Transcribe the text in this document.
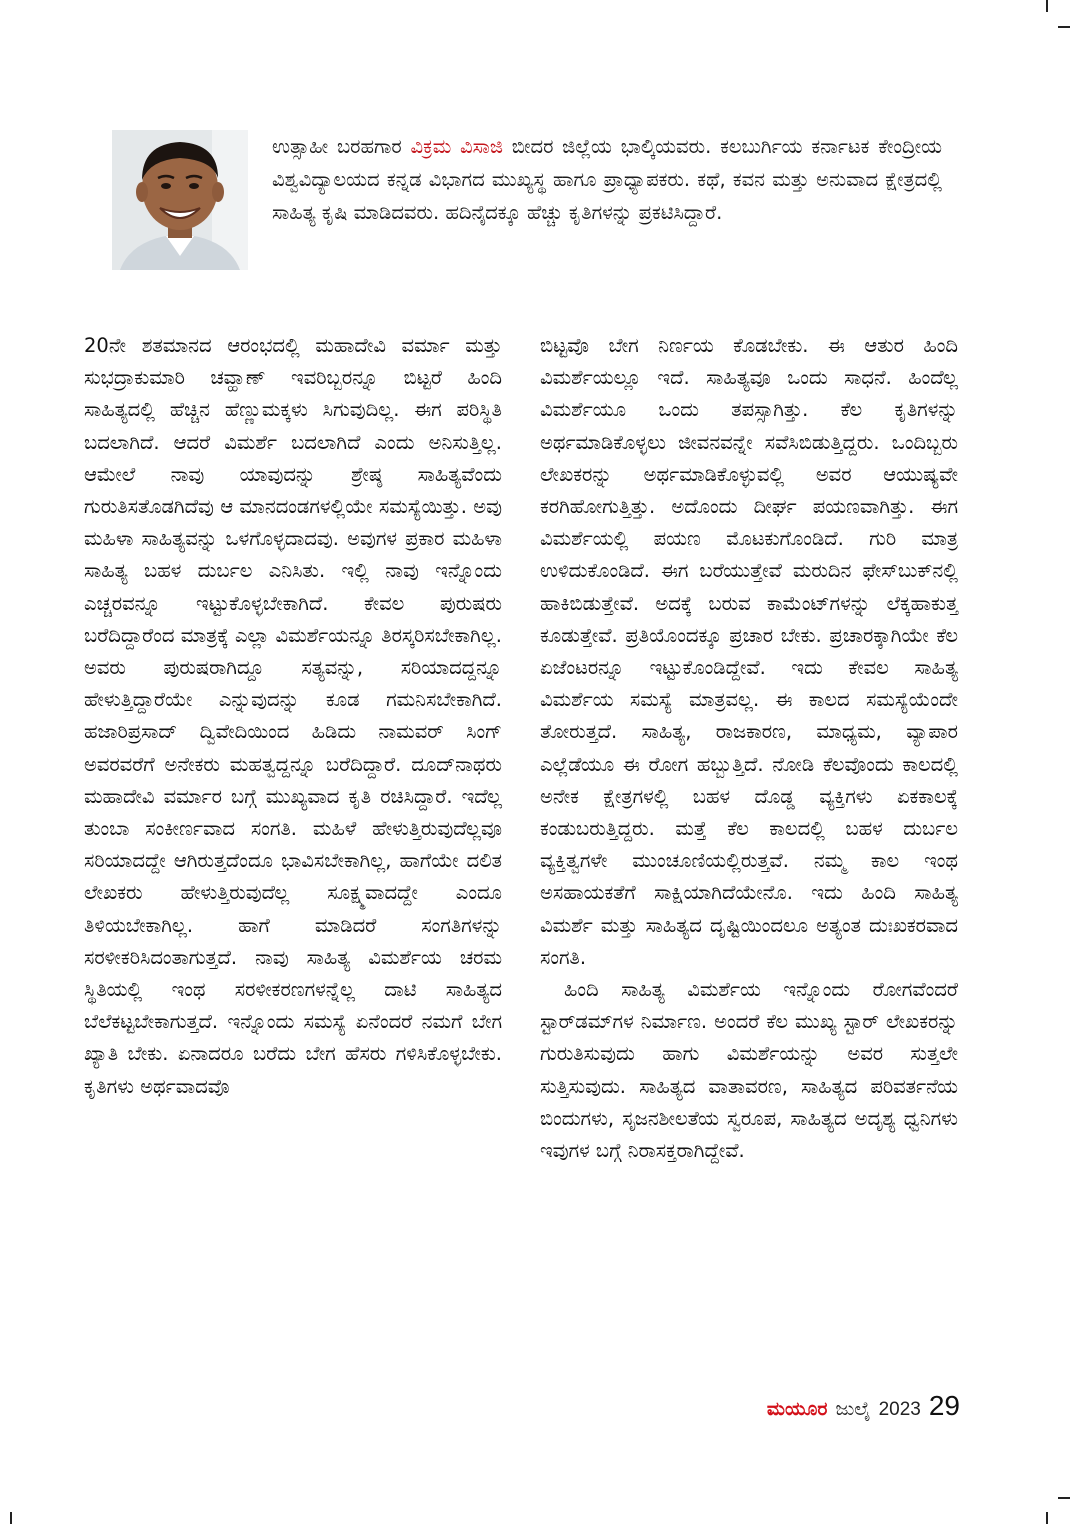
ಉತ್ಸಾಹೀ ಬರಹಗಾರ ವಿಕ್ರಮ ವಿಸಾಜಿ ಬೀದರ ಜಿಲ್ಲೆಯ ಭಾಲ್ಕಿಯವರು. ಕಲಬುರ್ಗಿಯ ಕರ್ನಾಟಕ ಕೇಂದ್ರೀಯ ವಿಶ್ವವಿದ್ಯಾಲಯದ ಕನ್ನಡ ವಿಭಾಗದ ಮುಖ್ಯಸ್ಥ ಹಾಗೂ ಪ್ರಾಧ್ಯಾಪಕರು. ಕಥೆ, ಕವನ ಮತ್ತು ಅನುವಾದ ಕ್ಷೇತ್ರದಲ್ಲಿ ಸಾಹಿತ್ಯ ಕೃಷಿ ಮಾಡಿದವರು. ಹದಿನೈದಕ್ಕೂ ಹೆಚ್ಚು ಕೃತಿಗಳನ್ನು ಪ್ರಕಟಿಸಿದ್ದಾರೆ.

20ನೇ ಶತಮಾನದ ಆರಂಭದಲ್ಲಿ ಮಹಾದೇವಿ ವರ್ಮಾ ಮತ್ತು ಸುಭದ್ರಾಕುಮಾರಿ ಚವ್ಹಾಣ್ ಇವರಿಬ್ಬರನ್ನೂ ಬಿಟ್ಟರೆ ಹಿಂದಿ ಸಾಹಿತ್ಯದಲ್ಲಿ ಹೆಚ್ಚಿನ ಹೆಣ್ಣುಮಕ್ಕಳು ಸಿಗುವುದಿಲ್ಲ. ಈಗ ಪರಿಸ್ಥಿತಿ ಬದಲಾಗಿದೆ. ಆದರೆ ವಿಮರ್ಶೆ ಬದಲಾಗಿದೆ ಎಂದು ಅನಿಸುತ್ತಿಲ್ಲ. ಆಮೇಲೆ ನಾವು ಯಾವುದನ್ನು ಶ್ರೇಷ್ಠ ಸಾಹಿತ್ಯವೆಂದು ಗುರುತಿಸತೊಡಗಿದೆವು ಆ ಮಾನದಂಡಗಳಲ್ಲಿಯೇ ಸಮಸ್ಯೆಯಿತ್ತು. ಅವು ಮಹಿಳಾ ಸಾಹಿತ್ಯವನ್ನು ಒಳಗೊಳ್ಳದಾದವು. ಅವುಗಳ ಪ್ರಕಾರ ಮಹಿಳಾ ಸಾಹಿತ್ಯ ಬಹಳ ದುರ್ಬಲ ಎನಿಸಿತು. ಇಲ್ಲಿ ನಾವು ಇನ್ನೊಂದು ಎಚ್ಚರವನ್ನೂ ಇಟ್ಟುಕೊಳ್ಳಬೇಕಾಗಿದೆ. ಕೇವಲ ಪುರುಷರು ಬರೆದಿದ್ದಾರೆಂದ ಮಾತ್ರಕ್ಕೆ ಎಲ್ಲಾ ವಿಮರ್ಶೆಯನ್ನೂ ತಿರಸ್ಕರಿಸಬೇಕಾಗಿಲ್ಲ. ಅವರು ಪುರುಷರಾಗಿದ್ದೂ ಸತ್ಯವನ್ನು, ಸರಿಯಾದದ್ದನ್ನೂ ಹೇಳುತ್ತಿದ್ದಾರೆಯೇ ಎನ್ನುವುದನ್ನು ಕೂಡ ಗಮನಿಸಬೇಕಾಗಿದೆ. ಹಜಾರಿಪ್ರಸಾದ್ ದ್ವಿವೇದಿಯಿಂದ ಹಿಡಿದು ನಾಮವರ್ ಸಿಂಗ್ ಅವರವರೆಗೆ ಅನೇಕರು ಮಹತ್ವದ್ದನ್ನೂ ಬರೆದಿದ್ದಾರೆ. ದೂದ್‌ನಾಥರು ಮಹಾದೇವಿ ವರ್ಮಾರ ಬಗ್ಗೆ ಮುಖ್ಯವಾದ ಕೃತಿ ರಚಿಸಿದ್ದಾರೆ. ಇದೆಲ್ಲ ತುಂಬಾ ಸಂಕೀರ್ಣವಾದ ಸಂಗತಿ. ಮಹಿಳೆ ಹೇಳುತ್ತಿರುವುದೆಲ್ಲವೂ ಸರಿಯಾದದ್ದೇ ಆಗಿರುತ್ತದೆಂದೂ ಭಾವಿಸಬೇಕಾಗಿಲ್ಲ, ಹಾಗೆಯೇ ದಲಿತ ಲೇಖಕರು ಹೇಳುತ್ತಿರುವುದೆಲ್ಲ ಸೂಕ್ಷ್ಮವಾದದ್ದೇ ಎಂದೂ ತಿಳಿಯಬೇಕಾಗಿಲ್ಲ. ಹಾಗೆ ಮಾಡಿದರೆ ಸಂಗತಿಗಳನ್ನು ಸರಳೀಕರಿಸಿದಂತಾಗುತ್ತದೆ. ನಾವು ಸಾಹಿತ್ಯ ವಿಮರ್ಶೆಯ ಚರಮ ಸ್ಥಿತಿಯಲ್ಲಿ ಇಂಥ ಸರಳೀಕರಣಗಳನ್ನೆಲ್ಲ ದಾಟಿ ಸಾಹಿತ್ಯದ ಬೆಲೆಕಟ್ಟಬೇಕಾಗುತ್ತದೆ. ಇನ್ನೊಂದು ಸಮಸ್ಯೆ ಏನೆಂದರೆ ನಮಗೆ ಬೇಗ ಖ್ಯಾತಿ ಬೇಕು. ಏನಾದರೂ ಬರೆದು ಬೇಗ ಹೆಸರು ಗಳಿಸಿಕೊಳ್ಳಬೇಕು. ಕೃತಿಗಳು ಅರ್ಥವಾದವೊ

ಬಿಟ್ಟವೊ ಬೇಗ ನಿರ್ಣಯ ಕೊಡಬೇಕು. ಈ ಆತುರ ಹಿಂದಿ ವಿಮರ್ಶೆಯಲ್ಲೂ ಇದೆ. ಸಾಹಿತ್ಯವೂ ಒಂದು ಸಾಧನೆ. ಹಿಂದೆಲ್ಲ ವಿಮರ್ಶೆಯೂ ಒಂದು ತಪಸ್ಸಾಗಿತ್ತು. ಕೆಲ ಕೃತಿಗಳನ್ನು ಅರ್ಥಮಾಡಿಕೊಳ್ಳಲು ಜೀವನವನ್ನೇ ಸವೆಸಿಬಿಡುತ್ತಿದ್ದರು. ಒಂದಿಬ್ಬರು ಲೇಖಕರನ್ನು ಅರ್ಥಮಾಡಿಕೊಳ್ಳುವಲ್ಲಿ ಅವರ ಆಯುಷ್ಯವೇ ಕರಗಿಹೋಗುತ್ತಿತ್ತು. ಅದೊಂದು ದೀರ್ಘ ಪಯಣವಾಗಿತ್ತು. ಈಗ ವಿಮರ್ಶೆಯಲ್ಲಿ ಪಯಣ ಮೊಟಕುಗೊಂಡಿದೆ. ಗುರಿ ಮಾತ್ರ ಉಳಿದುಕೊಂಡಿದೆ. ಈಗ ಬರೆಯುತ್ತೇವೆ ಮರುದಿನ ಫೇಸ್‌ಬುಕ್‌ನಲ್ಲಿ ಹಾಕಿಬಿಡುತ್ತೇವೆ. ಅದಕ್ಕೆ ಬರುವ ಕಾಮೆಂಟ್‌ಗಳನ್ನು ಲೆಕ್ಕಹಾಕುತ್ತ ಕೂಡುತ್ತೇವೆ. ಪ್ರತಿಯೊಂದಕ್ಕೂ ಪ್ರಚಾರ ಬೇಕು. ಪ್ರಚಾರಕ್ಕಾಗಿಯೇ ಕೆಲ ಏಜೆಂಟರನ್ನೂ ಇಟ್ಟುಕೊಂಡಿದ್ದೇವೆ. ಇದು ಕೇವಲ ಸಾಹಿತ್ಯ ವಿಮರ್ಶೆಯ ಸಮಸ್ಯೆ ಮಾತ್ರವಲ್ಲ. ಈ ಕಾಲದ ಸಮಸ್ಯೆಯೆಂದೇ ತೋರುತ್ತದೆ. ಸಾಹಿತ್ಯ, ರಾಜಕಾರಣ, ಮಾಧ್ಯಮ, ವ್ಯಾಪಾರ ಎಲ್ಲೆಡೆಯೂ ಈ ರೋಗ ಹಬ್ಬುತ್ತಿದೆ. ನೋಡಿ ಕೆಲವೊಂದು ಕಾಲದಲ್ಲಿ ಅನೇಕ ಕ್ಷೇತ್ರಗಳಲ್ಲಿ ಬಹಳ ದೊಡ್ಡ ವ್ಯಕ್ತಿಗಳು ಏಕಕಾಲಕ್ಕೆ ಕಂಡುಬರುತ್ತಿದ್ದರು. ಮತ್ತೆ ಕೆಲ ಕಾಲದಲ್ಲಿ ಬಹಳ ದುರ್ಬಲ ವ್ಯಕ್ತಿತ್ವಗಳೇ ಮುಂಚೂಣಿಯಲ್ಲಿರುತ್ತವೆ. ನಮ್ಮ ಕಾಲ ಇಂಥ ಅಸಹಾಯಕತೆಗೆ ಸಾಕ್ಷಿಯಾಗಿದೆಯೇನೊ. ಇದು ಹಿಂದಿ ಸಾಹಿತ್ಯ ವಿಮರ್ಶೆ ಮತ್ತು ಸಾಹಿತ್ಯದ ದೃಷ್ಟಿಯಿಂದಲೂ ಅತ್ಯಂತ ದುಃಖಕರವಾದ ಸಂಗತಿ.

ಹಿಂದಿ ಸಾಹಿತ್ಯ ವಿಮರ್ಶೆಯ ಇನ್ನೊಂದು ರೋಗವೆಂದರೆ ಸ್ಟಾರ್‌ಡಮ್‌ಗಳ ನಿರ್ಮಾಣ. ಅಂದರೆ ಕೆಲ ಮುಖ್ಯ ಸ್ಟಾರ್ ಲೇಖಕರನ್ನು ಗುರುತಿಸುವುದು ಹಾಗು ವಿಮರ್ಶೆಯನ್ನು ಅವರ ಸುತ್ತಲೇ ಸುತ್ತಿಸುವುದು. ಸಾಹಿತ್ಯದ ವಾತಾವರಣ, ಸಾಹಿತ್ಯದ ಪರಿವರ್ತನೆಯ ಬಿಂದುಗಳು, ಸೃಜನಶೀಲತೆಯ ಸ್ವರೂಪ, ಸಾಹಿತ್ಯದ ಅದೃಶ್ಯ ಧ್ವನಿಗಳು ಇವುಗಳ ಬಗ್ಗೆ ನಿರಾಸಕ್ತರಾಗಿದ್ದೇವೆ.

ಮಯೂರ ಜುಲೈ 2023 29
